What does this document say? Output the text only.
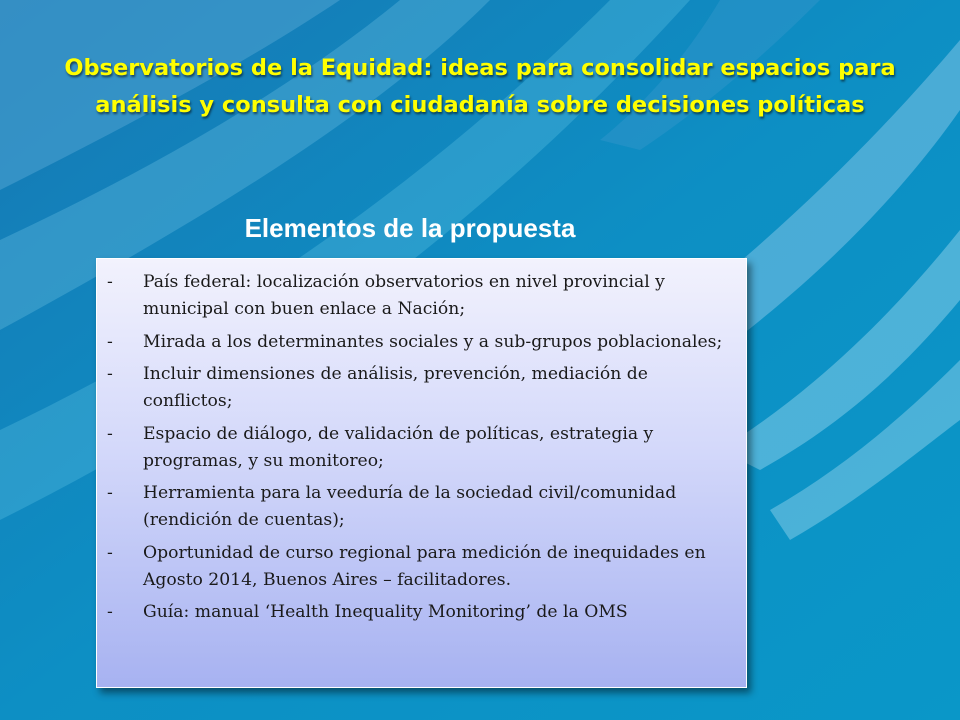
Observatorios de la Equidad: ideas para consolidar espacios para análisis y consulta con ciudadanía sobre decisiones políticas
Elementos de la propuesta
-	País federal: localización observatorios en nivel provincial y municipal con buen enlace a Nación;
-	Mirada a los determinantes sociales y a sub-grupos poblacionales;
-	Incluir dimensiones de análisis, prevención, mediación de conflictos;
-	Espacio de diálogo, de validación de políticas, estrategia y programas, y su monitoreo;
-	Herramienta para la veeduría de la sociedad civil/comunidad (rendición de cuentas);
-	Oportunidad de curso regional para medición de inequidades en Agosto 2014, Buenos Aires – facilitadores.
-	Guía: manual ‘Health Inequality Monitoring’ de la OMS
